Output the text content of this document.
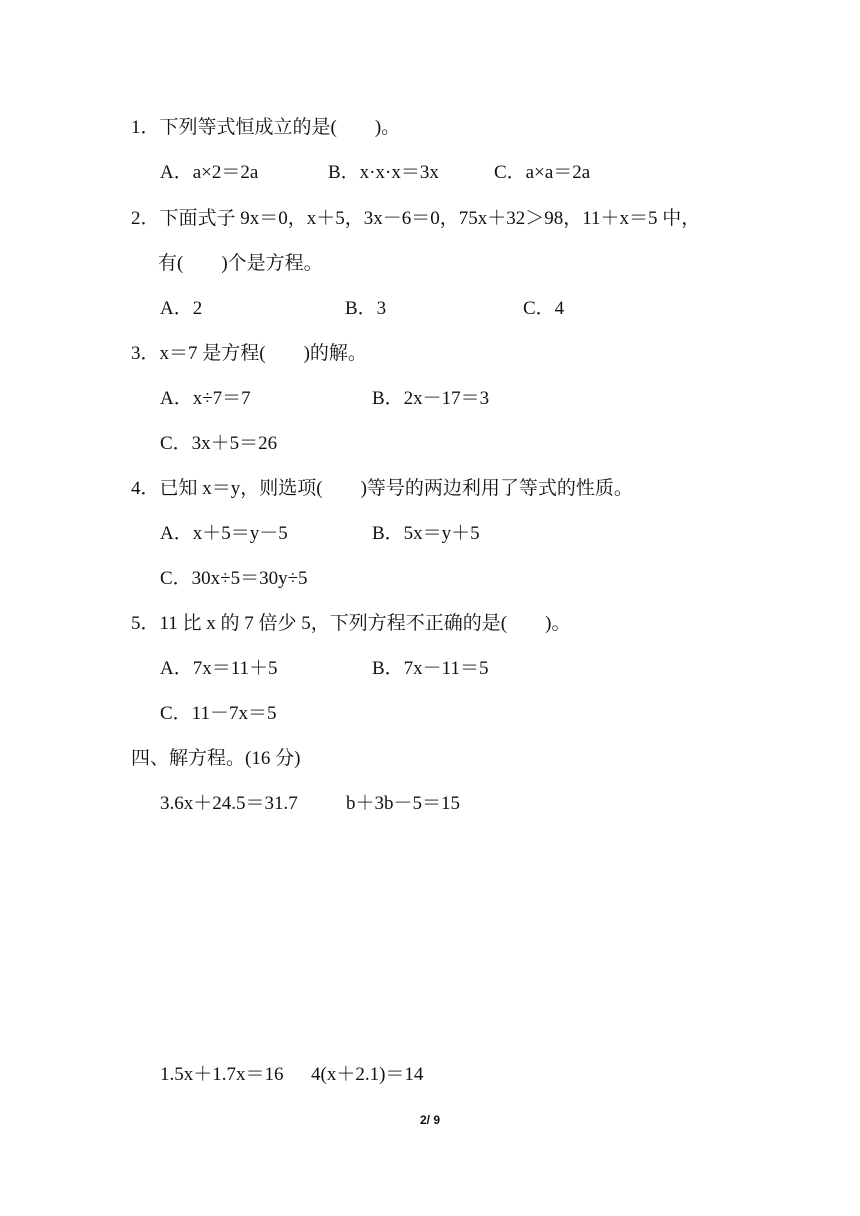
1．下列等式恒成立的是(　　)。
A．a×2＝2a	B．x·x·x＝3x	C．a×a＝2a
2．下面式子 9x＝0，x＋5，3x－6＝0，75x＋32＞98，11＋x＝5 中，
有(　　)个是方程。
A．2	B．3	C．4
3．x＝7 是方程(　　)的解。
A．x÷7＝7	B．2x－17＝3
C．3x＋5＝26
4．已知 x＝y，则选项(　　)等号的两边利用了等式的性质。
A．x＋5＝y－5	B．5x＝y＋5
C．30x÷5＝30y÷5
5．11 比 x 的 7 倍少 5，下列方程不正确的是(　　)。
A．7x＝11＋5	B．7x－11＝5
C．11－7x＝5
四、解方程。(16 分)
3.6x＋24.5＝31.7	b＋3b－5＝15
1.5x＋1.7x＝16 4(x＋2.1)＝14
2/ 9
